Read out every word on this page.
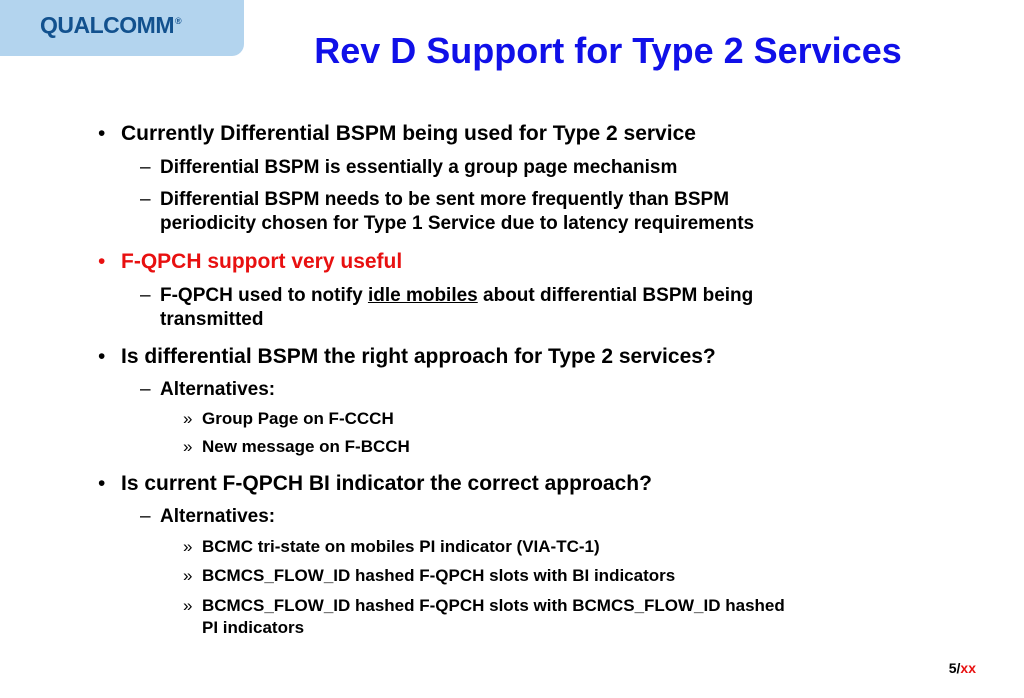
QUALCOMM®
Rev D Support for Type 2 Services
• Currently Differential BSPM being used for Type 2 service
– Differential BSPM is essentially a group page mechanism
– Differential BSPM needs to be sent more frequently than BSPM
periodicity chosen for Type 1 Service due to latency requirements
• F-QPCH support very useful
– F-QPCH used to notify idle mobiles about differential BSPM being
transmitted
• Is differential BSPM the right approach for Type 2 services?
– Alternatives:
» Group Page on F-CCCH
» New message on F-BCCH
• Is current F-QPCH BI indicator the correct approach?
– Alternatives:
» BCMC tri-state on mobiles PI indicator (VIA-TC-1)
» BCMCS_FLOW_ID hashed F-QPCH slots with BI indicators
» BCMCS_FLOW_ID hashed F-QPCH slots with BCMCS_FLOW_ID hashed
PI indicators
5/xx
